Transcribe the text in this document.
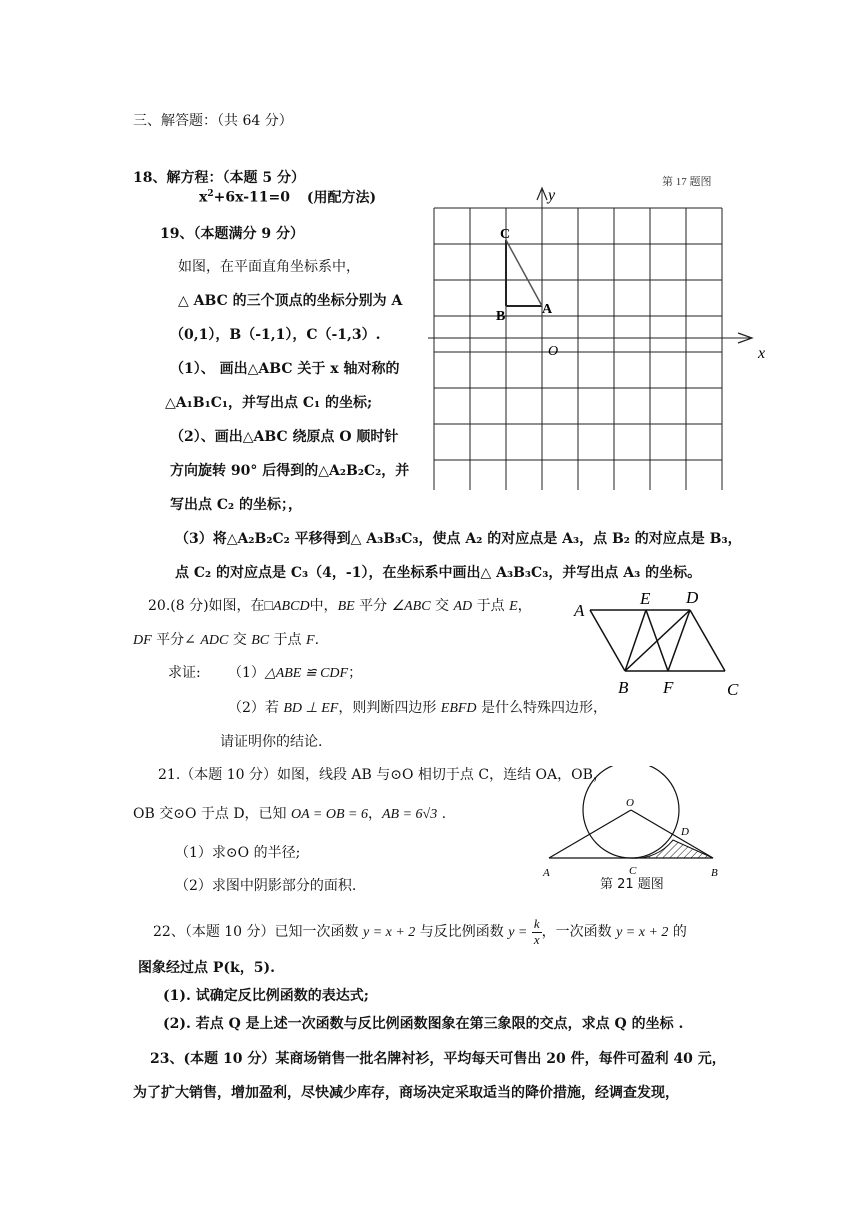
三、解答题：（共 64 分）
18、解方程：（本题 5 分）
$x^2+6x-11=0$ (用配方法)
第 17 题图
y
x
O
C
B	A
19、（本题满分 9 分）
如图，在平面直角坐标系中，
△ ABC 的三个顶点的坐标分别为 A
（0,1），B（-1,1），C（-1,3）.
（1）、 画出△ABC 关于 x 轴对称的
△A₁B₁C₁，并写出点 C₁ 的坐标;
（2）、画出△ABC 绕原点 O 顺时针
方向旋转 90° 后得到的△A₂B₂C₂，并
写出点 C₂ 的坐标；，
（3）将△A₂B₂C₂ 平移得到△ A₃B₃C₃，使点 A₂ 的对应点是 A₃，点 B₂ 的对应点是 B₃，
点 C₂ 的对应点是 C₃（4，-1），在坐标系中画出△ A₃B₃C₃，并写出点 A₃ 的坐标。
20.(8 分)如图，在□ABCD中，BE 平分 ∠ABC 交 AD 于点 E，
DF 平分∠ ADC 交 BC 于点 F.
求证: （1）△ABE ≌ CDF；
（2）若 BD ⊥ EF，则判断四边形 EBFD 是什么特殊四边形，
请证明你的结论.
A
E D
B F	C
21.（本题 10 分）如图，线段 AB 与⊙O 相切于点 C，连结 OA，OB，
OB 交⊙O 于点 D，已知 OA = OB = 6，AB = 6√3 .
（1）求⊙O 的半径;
（2）求图中阴影部分的面积.
O
D
A	C	B
第 21 题图
22、（本题 10 分）已知一次函数 y = x + 2 与反比例函数 $y = \frac{k}{x}$ ，一次函数 y = x + 2 的
图象经过点 P(k，5).
(1). 试确定反比例函数的表达式;
(2). 若点 Q 是上述一次函数与反比例函数图象在第三象限的交点，求点 Q 的坐标 .
23、(本题 10 分）某商场销售一批名牌衬衫，平均每天可售出 20 件，每件可盈利 40 元，
为了扩大销售，增加盈利，尽快减少库存，商场决定采取适当的降价措施，经调查发现，
